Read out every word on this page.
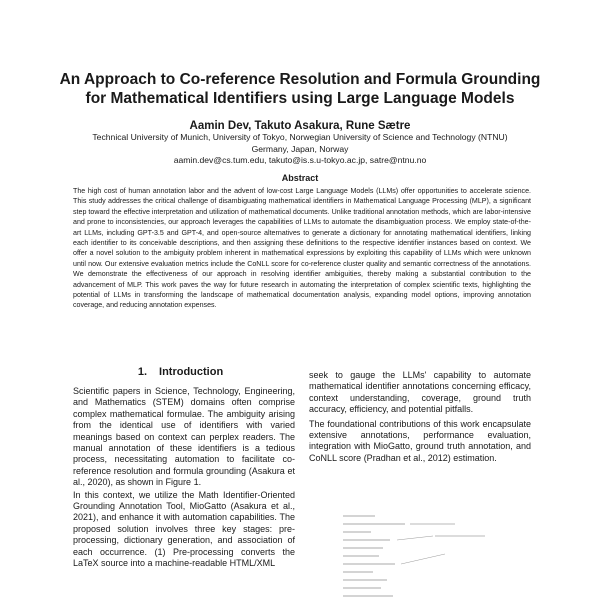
An Approach to Co-reference Resolution and Formula Grounding
for Mathematical Identifiers using Large Language Models
Aamin Dev, Takuto Asakura, Rune Sætre
Technical University of Munich, University of Tokyo, Norwegian University of Science and Technology (NTNU)
Germany, Japan, Norway
aamin.dev@cs.tum.edu, takuto@is.s.u-tokyo.ac.jp, satre@ntnu.no
Abstract

The high cost of human annotation labor and the advent of low-cost Large Language Models (LLMs) offer opportunities to accelerate science. This study addresses the critical challenge of disambiguating mathematical identifiers in Mathematical Language Processing (MLP), a significant step toward the effective interpretation and utilization of mathematical documents. Unlike traditional annotation methods, which are labor-intensive and prone to inconsistencies, our approach leverages the capabilities of LLMs to automate the disambiguation process. We employ state-of-the-art LLMs, including GPT-3.5 and GPT-4, and open-source alternatives to generate a dictionary for annotating mathematical identifiers, linking each identifier to its conceivable descriptions, and then assigning these definitions to the respective identifier instances based on context. We offer a novel solution to the ambiguity problem inherent in mathematical expressions by exploiting this capability of LLMs which were unknown until now. Our extensive evaluation metrics include the CoNLL score for co-reference cluster quality and semantic correctness of the annotations. We demonstrate the effectiveness of our approach in resolving identifier ambiguities, thereby making a substantial contribution to the advancement of MLP. This work paves the way for future research in automating the interpretation of complex scientific texts, highlighting the potential of LLMs in transforming the landscape of mathematical documentation analysis, expanding model options, improving annotation coverage, and reducing annotation expenses.

1. Introduction

Scientific papers in Science, Technology, Engineering, and Mathematics (STEM) domains often comprise complex mathematical formulae. The ambiguity arising from the identical use of identifiers with varied meanings based on context can perplex readers. The manual annotation of these identifiers is a tedious process, necessitating automation to facilitate co-reference resolution and formula grounding (Asakura et al., 2020), as shown in Figure 1.

In this context, we utilize the Math Identifier-Oriented Grounding Annotation Tool, MioGatto (Asakura et al., 2021), and enhance it with automation capabilities. The proposed solution involves three key stages: pre-processing, dictionary generation, and association of each occurrence. (1) Pre-processing converts the LaTeX source into a machine-readable HTML/XML

seek to gauge the LLMs' capability to automate mathematical identifier annotations concerning efficacy, context understanding, coverage, ground truth accuracy, efficiency, and potential pitfalls.

The foundational contributions of this work encapsulate extensive annotations, performance evaluation, integration with MioGatto, ground truth annotation, and CoNLL score (Pradhan et al., 2012) estimation.
